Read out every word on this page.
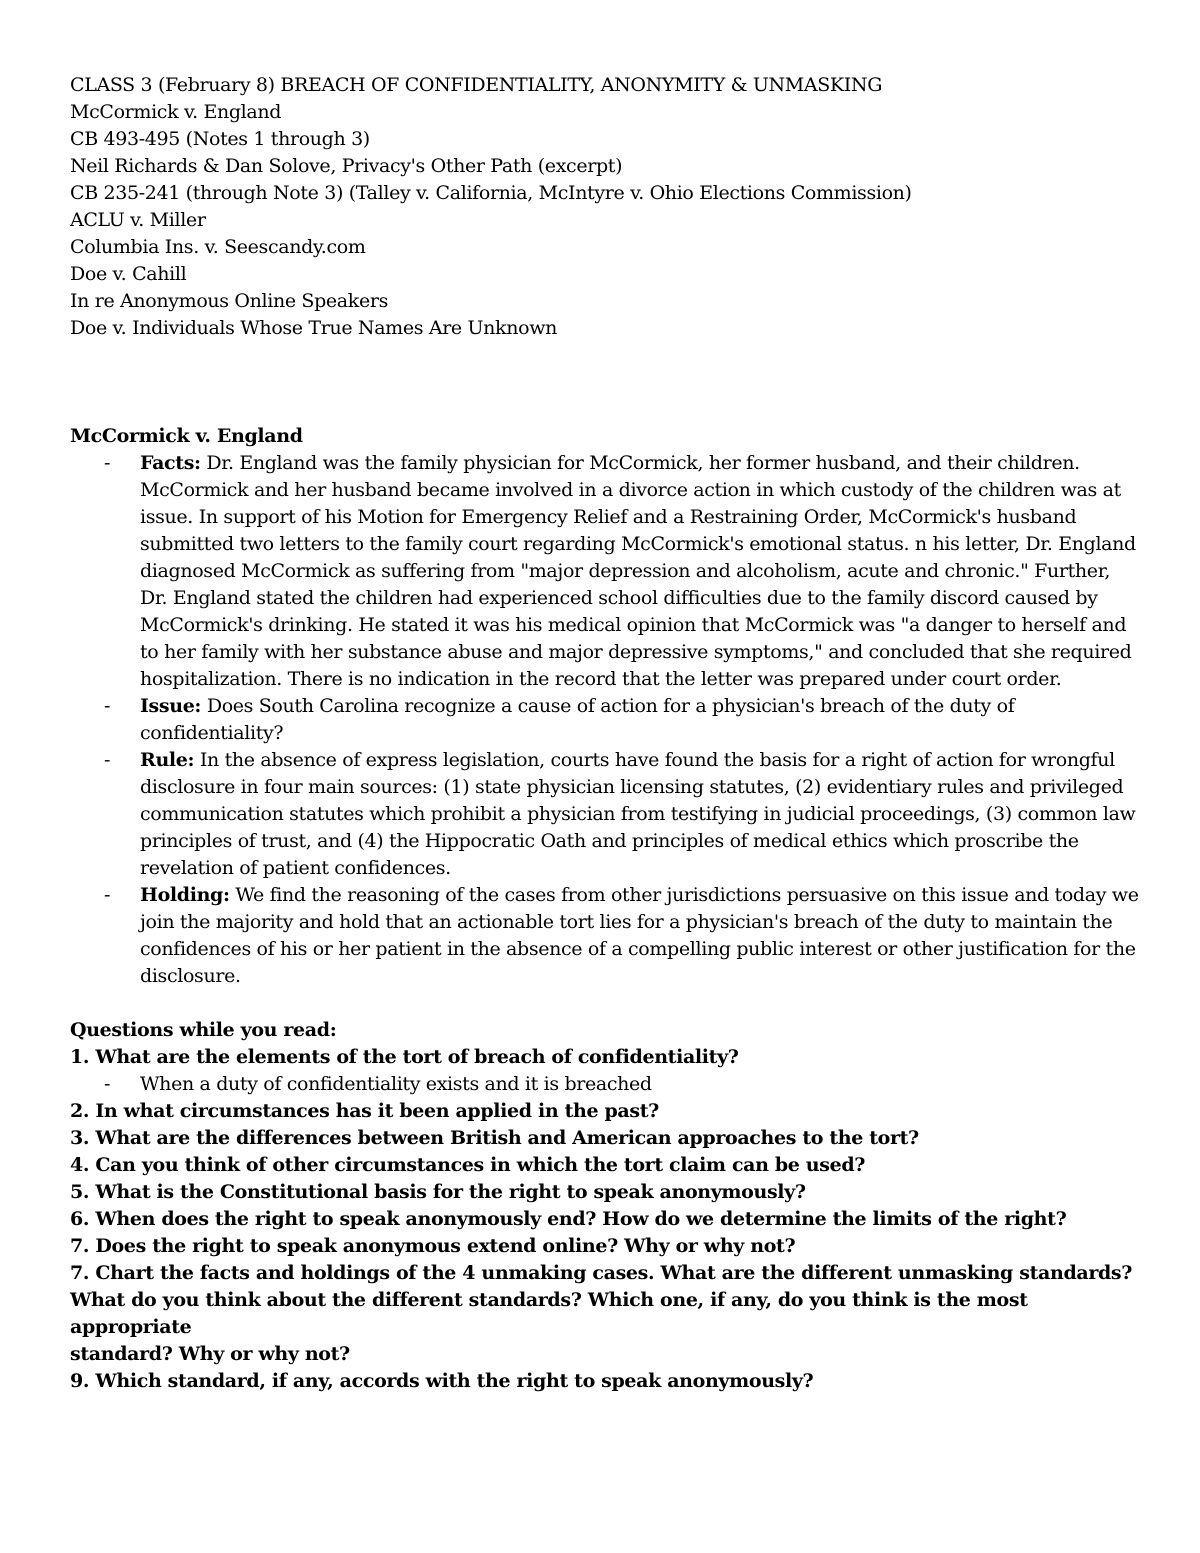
CLASS 3 (February 8) BREACH OF CONFIDENTIALITY, ANONYMITY & UNMASKING
McCormick v. England
CB 493-495 (Notes 1 through 3)
Neil Richards & Dan Solove, Privacy's Other Path (excerpt)
CB 235-241 (through Note 3) (Talley v. California, McIntyre v. Ohio Elections Commission)
ACLU v. Miller
Columbia Ins. v. Seescandy.com
Doe v. Cahill
In re Anonymous Online Speakers
Doe v. Individuals Whose True Names Are Unknown
McCormick v. England
- Facts: Dr. England was the family physician for McCormick, her former husband, and their children. McCormick and her husband became involved in a divorce action in which custody of the children was at issue. In support of his Motion for Emergency Relief and a Restraining Order, McCormick's husband submitted two letters to the family court regarding McCormick's emotional status. n his letter, Dr. England diagnosed McCormick as suffering from "major depression and alcoholism, acute and chronic." Further, Dr. England stated the children had experienced school difficulties due to the family discord caused by McCormick's drinking. He stated it was his medical opinion that McCormick was "a danger to herself and to her family with her substance abuse and major depressive symptoms," and concluded that she required hospitalization. There is no indication in the record that the letter was prepared under court order.
- Issue: Does South Carolina recognize a cause of action for a physician's breach of the duty of confidentiality?
- Rule: In the absence of express legislation, courts have found the basis for a right of action for wrongful disclosure in four main sources: (1) state physician licensing statutes, (2) evidentiary rules and privileged communication statutes which prohibit a physician from testifying in judicial proceedings, (3) common law principles of trust, and (4) the Hippocratic Oath and principles of medical ethics which proscribe the revelation of patient confidences.
- Holding: We find the reasoning of the cases from other jurisdictions persuasive on this issue and today we join the majority and hold that an actionable tort lies for a physician's breach of the duty to maintain the confidences of his or her patient in the absence of a compelling public interest or other justification for the disclosure.
Questions while you read:
1. What are the elements of the tort of breach of confidentiality?
- When a duty of confidentiality exists and it is breached
2. In what circumstances has it been applied in the past?
3. What are the differences between British and American approaches to the tort?
4. Can you think of other circumstances in which the tort claim can be used?
5. What is the Constitutional basis for the right to speak anonymously?
6. When does the right to speak anonymously end? How do we determine the limits of the right?
7. Does the right to speak anonymous extend online? Why or why not?
7. Chart the facts and holdings of the 4 unmaking cases. What are the different unmasking standards?
What do you think about the different standards? Which one, if any, do you think is the most appropriate
standard? Why or why not?
9. Which standard, if any, accords with the right to speak anonymously?
